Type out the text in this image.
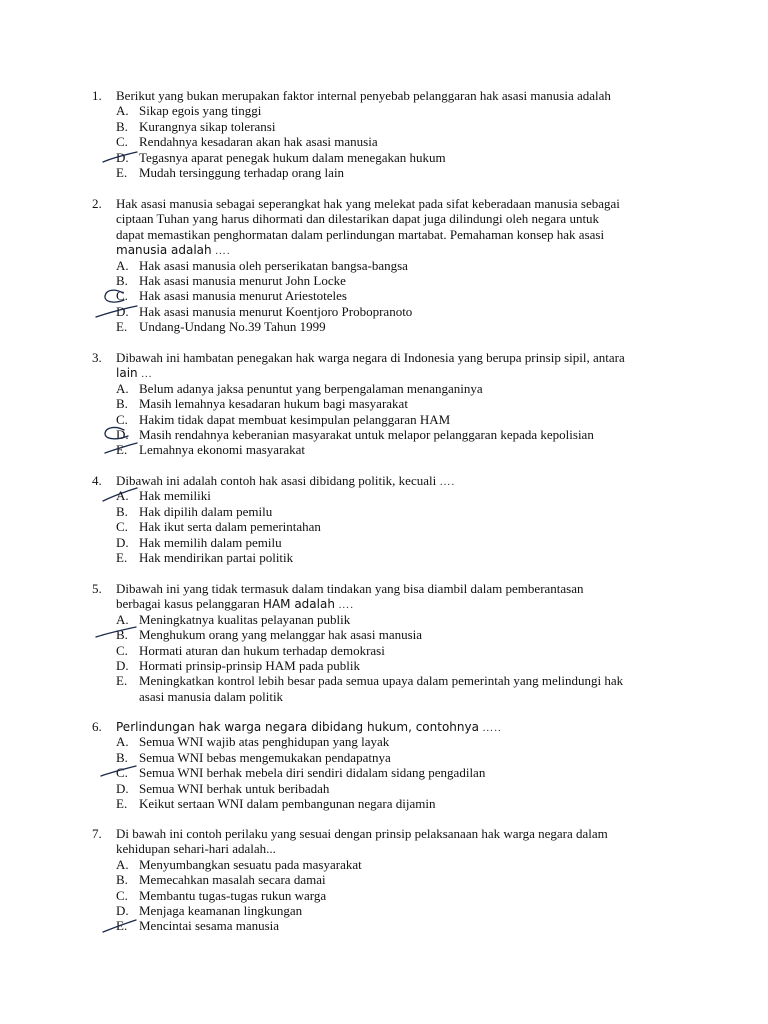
1.	Berikut yang bukan merupakan faktor internal penyebab pelanggaran hak asasi manusia adalah
A. Sikap egois yang tinggi
B. Kurangnya sikap toleransi
C. Rendahnya kesadaran akan hak asasi manusia
D. Tegasnya aparat penegak hukum dalam menegakan hukum
E. Mudah tersinggung terhadap orang lain
2.	Hak asasi manusia sebagai seperangkat hak yang melekat pada sifat keberadaan manusia sebagai
ciptaan Tuhan yang harus dihormati dan dilestarikan dapat juga dilindungi oleh negara untuk
dapat memastikan penghormatan dalam perlindungan martabat. Pemahaman konsep hak asasi
manusia adalah ….
A. Hak asasi manusia oleh perserikatan bangsa-bangsa
B. Hak asasi manusia menurut John Locke
C. Hak asasi manusia menurut Ariestoteles
D. Hak asasi manusia menurut Koentjoro Probopranoto
E. Undang-Undang No.39 Tahun 1999
3.	Dibawah ini hambatan penegakan hak warga negara di Indonesia yang berupa prinsip sipil, antara
lain …
A. Belum adanya jaksa penuntut yang berpengalaman menanganinya
B. Masih lemahnya kesadaran hukum bagi masyarakat
C. Hakim tidak dapat membuat kesimpulan pelanggaran HAM
D. Masih rendahnya keberanian masyarakat untuk melapor pelanggaran kepada kepolisian
E. Lemahnya ekonomi masyarakat
4.	Dibawah ini adalah contoh hak asasi dibidang politik, kecuali ….
A. Hak memiliki
B. Hak dipilih dalam pemilu
C. Hak ikut serta dalam pemerintahan
D. Hak memilih dalam pemilu
E. Hak mendirikan partai politik
5.	Dibawah ini yang tidak termasuk dalam tindakan yang bisa diambil dalam pemberantasan
berbagai kasus pelanggaran HAM adalah ….
A. Meningkatnya kualitas pelayanan publik
B. Menghukum orang yang melanggar hak asasi manusia
C. Hormati aturan dan hukum terhadap demokrasi
D. Hormati prinsip-prinsip HAM pada publik
E. Meningkatkan kontrol lebih besar pada semua upaya dalam pemerintah yang melindungi hak
asasi manusia dalam politik
6.	Perlindungan hak warga negara dibidang hukum, contohnya …..
A. Semua WNI wajib atas penghidupan yang layak
B. Semua WNI bebas mengemukakan pendapatnya
C. Semua WNI berhak mebela diri sendiri didalam sidang pengadilan
D. Semua WNI berhak untuk beribadah
E. Keikut sertaan WNI dalam pembangunan negara dijamin
7.	Di bawah ini contoh perilaku yang sesuai dengan prinsip pelaksanaan hak warga negara dalam
kehidupan sehari-hari adalah...
A. Menyumbangkan sesuatu pada masyarakat
B. Memecahkan masalah secara damai
C. Membantu tugas-tugas rukun warga
D. Menjaga keamanan lingkungan
E. Mencintai sesama manusia
